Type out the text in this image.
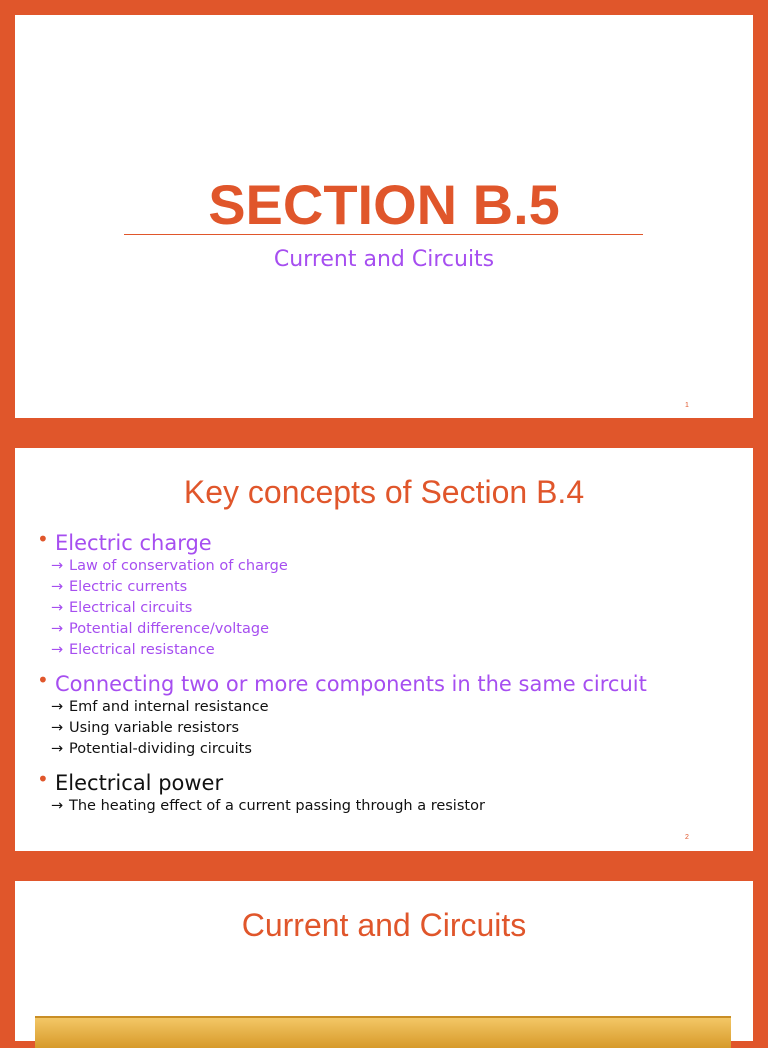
SECTION B.5
Current and Circuits
1
Key concepts of Section B.4
• Electric charge
→ Law of conservation of charge
→ Electric currents
→ Electrical circuits
→ Potential difference/voltage
→ Electrical resistance
• Connecting two or more components in the same circuit
→ Emf and internal resistance
→ Using variable resistors
→ Potential-dividing circuits
• Electrical power
→ The heating effect of a current passing through a resistor
2
Current and Circuits
